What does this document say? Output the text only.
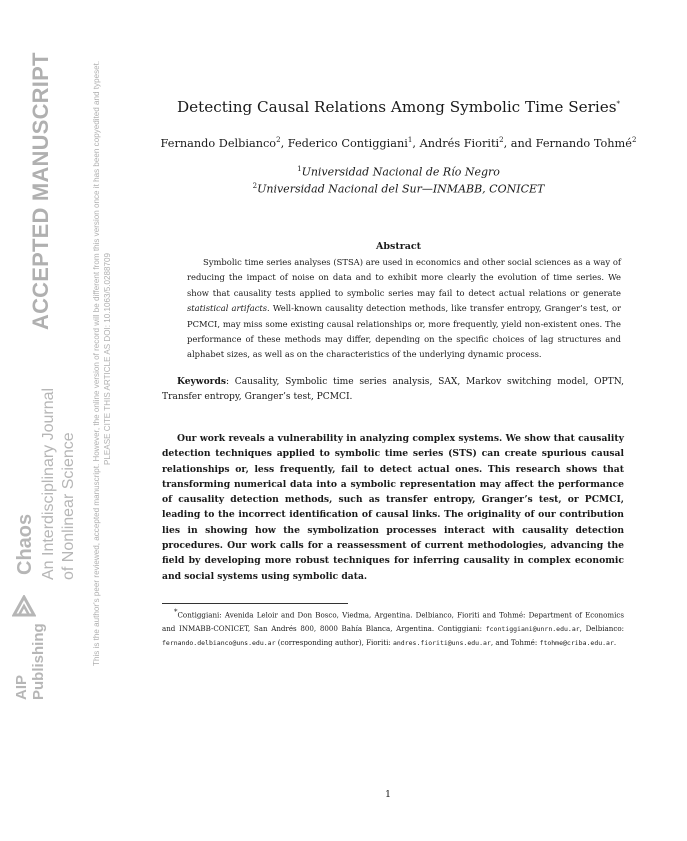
ACCEPTED MANUSCRIPT
Chaos An Interdisciplinary Journal of Nonlinear Science This is the author's peer reviewed, accepted manuscript. However, the online version of record will be different from this version once it has been copyedited and typeset. PLEASE CITE THIS ARTICLE AS DOI: 10.1063/5.0288709
AIP Publishing
Detecting Causal Relations Among Symbolic Time Series*
Fernando Delbianco$^2$, Federico Contiggiani$^1$, Andrés Fioriti$^2$, and Fernando Tohmé$^2$
$^1$Universidad Nacional de Río Negro
$^2$Universidad Nacional del Sur—INMABB, CONICET
Abstract
Symbolic time series analyses (STSA) are used in economics and other social sciences as a way of reducing the impact of noise on data and to exhibit more clearly the evolution of time series. We show that causality tests applied to symbolic series may fail to detect actual relations or generate statistical artifacts. Well-known causality detection methods, like transfer entropy, Granger’s test, or PCMCI, may miss some existing causal relationships or, more frequently, yield non-existent ones. The performance of these methods may differ, depending on the specific choices of lag structures and alphabet sizes, as well as on the characteristics of the underlying dynamic process.
Keywords: Causality, Symbolic time series analysis, SAX, Markov switching model, OPTN, Transfer entropy, Granger’s test, PCMCI.
Our work reveals a vulnerability in analyzing complex systems. We show that causality detection techniques applied to symbolic time series (STS) can create spurious causal relationships or, less frequently, fail to detect actual ones. This research shows that transforming numerical data into a symbolic representation may affect the performance of causality detection methods, such as transfer entropy, Granger’s test, or PCMCI, leading to the incorrect identification of causal links. The originality of our contribution lies in showing how the symbolization processes interact with causality detection procedures. Our work calls for a reassessment of current methodologies, advancing the field by developing more robust techniques for inferring causality in complex economic and social systems using symbolic data.
*Contiggiani: Avenida Leloir and Don Bosco, Viedma, Argentina. Delbianco, Fioriti and Tohmé: Department of Economics and INMABB-CONICET, San Andrés 800, 8000 Bahía Blanca, Argentina. Contiggiani: fcontiggiani@unrn.edu.ar, Delbianco: fernando.delbianco@uns.edu.ar (corresponding author), Fioriti: andres.fioriti@uns.edu.ar, and Tohmé: ftohme@criba.edu.ar.
1
